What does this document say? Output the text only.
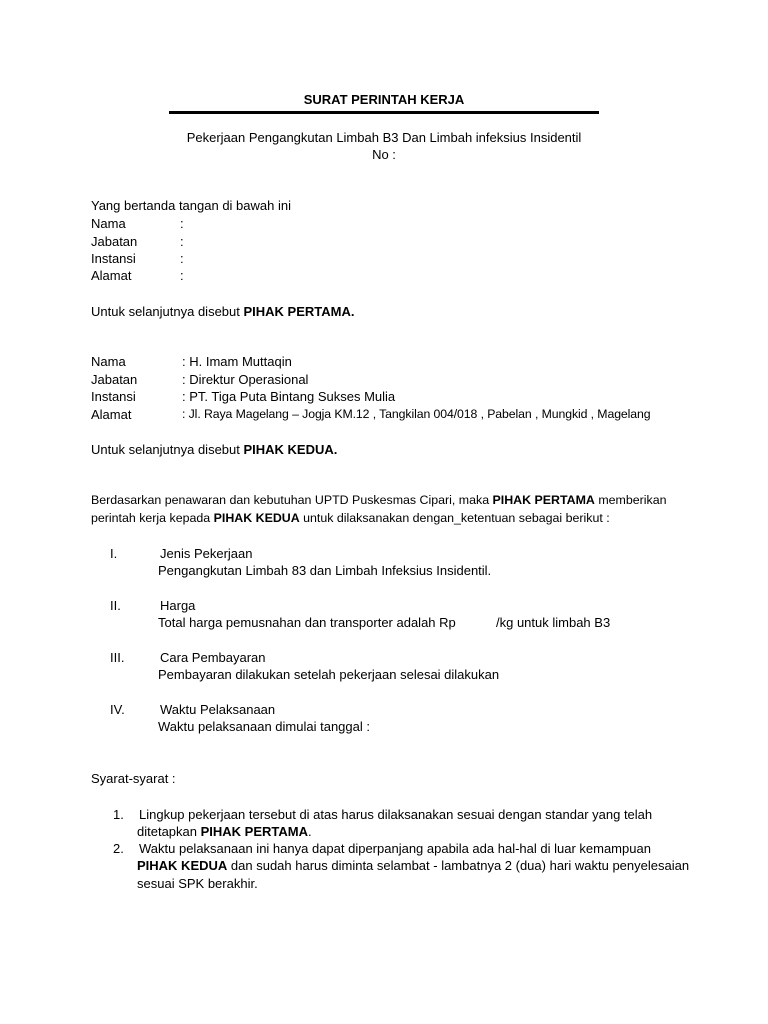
SURAT PERINTAH KERJA
Pekerjaan Pengangkutan Limbah B3 Dan Limbah infeksius Insidentil
No :
Yang bertanda tangan di bawah ini
Nama	:
Jabatan	:
Instansi	:
Alamat	:
Untuk selanjutnya disebut PIHAK PERTAMA.
Nama	: H. Imam Muttaqin
Jabatan	: Direktur Operasional
Instansi	: PT. Tiga Puta Bintang Sukses Mulia
Alamat	: Jl. Raya Magelang – Jogja KM.12 , Tangkilan 004/018 , Pabelan , Mungkid , Magelang
Untuk selanjutnya disebut PIHAK KEDUA.
Berdasarkan penawaran dan kebutuhan UPTD Puskesmas Cipari, maka PIHAK PERTAMA memberikan
perintah kerja kepada PIHAK KEDUA untuk dilaksanakan dengan_ketentuan sebagai berikut :
I.	Jenis Pekerjaan
Pengangkutan Limbah 83 dan Limbah Infeksius Insidentil.
II.	Harga
Total harga pemusnahan dan transporter adalah Rp	/kg untuk limbah B3
III.	Cara Pembayaran
Pembayaran dilakukan setelah pekerjaan selesai dilakukan
IV.	Waktu Pelaksanaan
Waktu pelaksanaan dimulai tanggal :
Syarat-syarat :
1. Lingkup pekerjaan tersebut di atas harus dilaksanakan sesuai dengan standar yang telah
ditetapkan PIHAK PERTAMA.
2. Waktu pelaksanaan ini hanya dapat diperpanjang apabila ada hal-hal di luar kemampuan
PIHAK KEDUA dan sudah harus diminta selambat - lambatnya 2 (dua) hari waktu penyelesaian
sesuai SPK berakhir.
